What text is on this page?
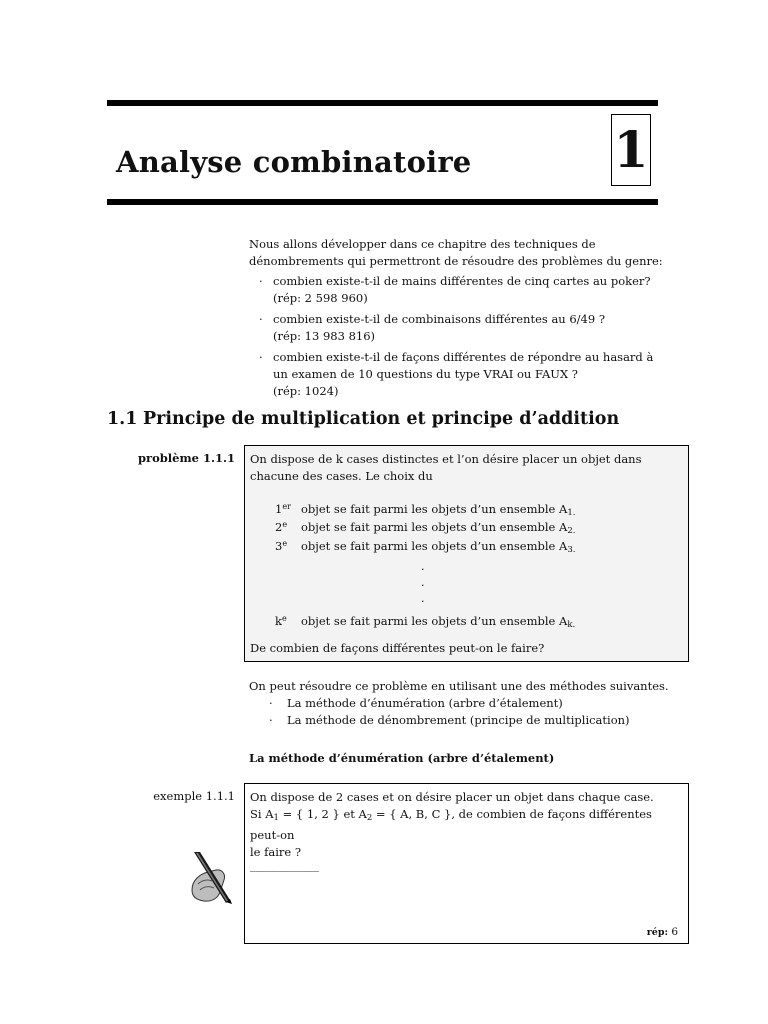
Analyse combinatoire	1
Nous allons développer dans ce chapitre des techniques de dénombrements qui permettront de résoudre des problèmes du genre:
· combien existe-t-il de mains différentes de cinq cartes au poker?
(rép: 2 598 960)
· combien existe-t-il de combinaisons différentes au 6/49 ?
(rép: 13 983 816)
· combien existe-t-il de façons différentes de répondre au hasard à un examen de 10 questions du type VRAI ou FAUX ?
(rép: 1024)
1.1 Principe de multiplication et principe d’addition
problème 1.1.1 On dispose de k cases distinctes et l’on désire placer un objet dans chacune des cases. Le choix du
1er objet se fait parmi les objets d’un ensemble $A_{1.}$
2e objet se fait parmi les objets d’un ensemble $A_{2.}$
3e objet se fait parmi les objets d’un ensemble $A_{3.}$
.
.
.
$k^e$ objet se fait parmi les objets d’un ensemble $A_{k.}$
De combien de façons différentes peut-on le faire?
On peut résoudre ce problème en utilisant une des méthodes suivantes.
· La méthode d’énumération (arbre d’étalement)
· La méthode de dénombrement (principe de multiplication)
La méthode d’énumération (arbre d’étalement)
exemple 1.1.1 On dispose de 2 cases et on désire placer un objet dans chaque case.
Si $A_1$ = { 1, 2 } et $A_2$ = { A, B, C }, de combien de façons différentes peut-on
le faire ?
____________
rép: 6
